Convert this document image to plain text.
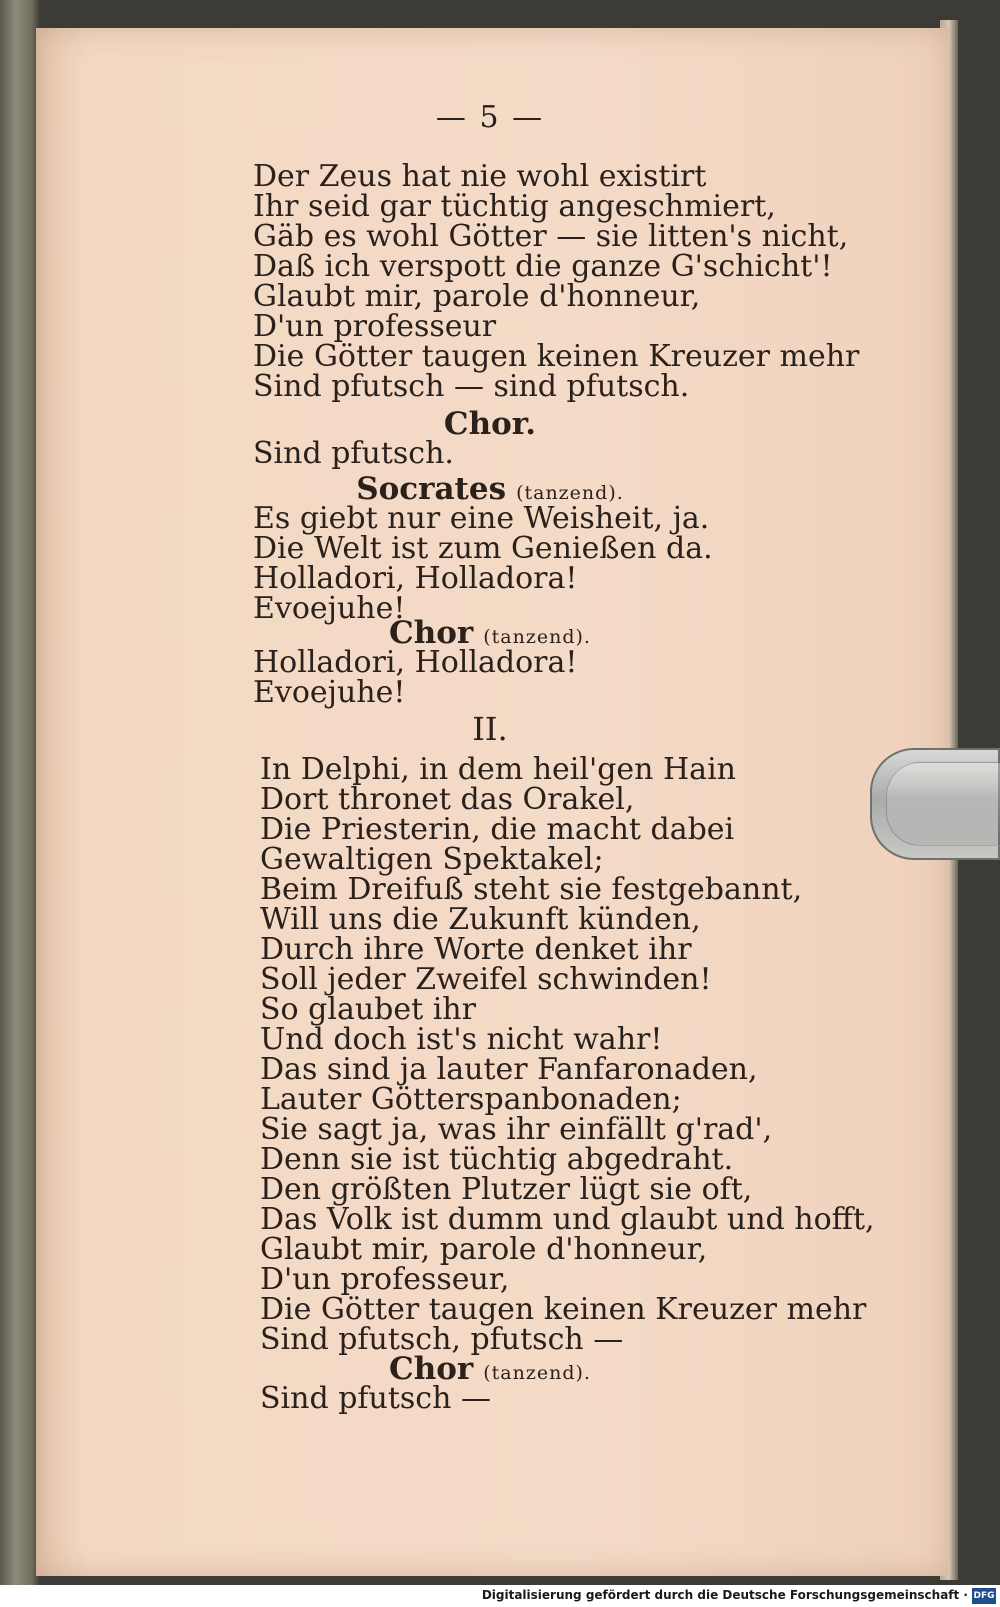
— 5 —
Der Zeus hat nie wohl existirt
Ihr seid gar tüchtig angeschmiert,
Gäb es wohl Götter — sie litten's nicht,
Daß ich verspott die ganze G'schicht'!
Glaubt mir, parole d'honneur,
D'un professeur
Die Götter taugen keinen Kreuzer mehr
Sind pfutsch — sind pfutsch.
Chor.
Sind pfutsch.
Socrates (tanzend).
Es giebt nur eine Weisheit, ja.
Die Welt ist zum Genießen da.
Holladori, Holladora!
Evoejuhe!
Chor (tanzend).
Holladori, Holladora!
Evoejuhe!
II.
In Delphi, in dem heil'gen Hain
Dort thronet das Orakel,
Die Priesterin, die macht dabei
Gewaltigen Spektakel;
Beim Dreifuß steht sie festgebannt,
Will uns die Zukunft künden,
Durch ihre Worte denket ihr
Soll jeder Zweifel schwinden!
So glaubet ihr
Und doch ist's nicht wahr!
Das sind ja lauter Fanfaronaden,
Lauter Götterspanbonaden;
Sie sagt ja, was ihr einfällt g'rad',
Denn sie ist tüchtig abgedraht.
Den größten Plutzer lügt sie oft,
Das Volk ist dumm und glaubt und hofft,
Glaubt mir, parole d'honneur,
D'un professeur,
Die Götter taugen keinen Kreuzer mehr
Sind pfutsch, pfutsch —
Chor (tanzend).
Sind pfutsch —
Digitalisierung gefördert durch die Deutsche Forschungsgemeinschaft · DFG
